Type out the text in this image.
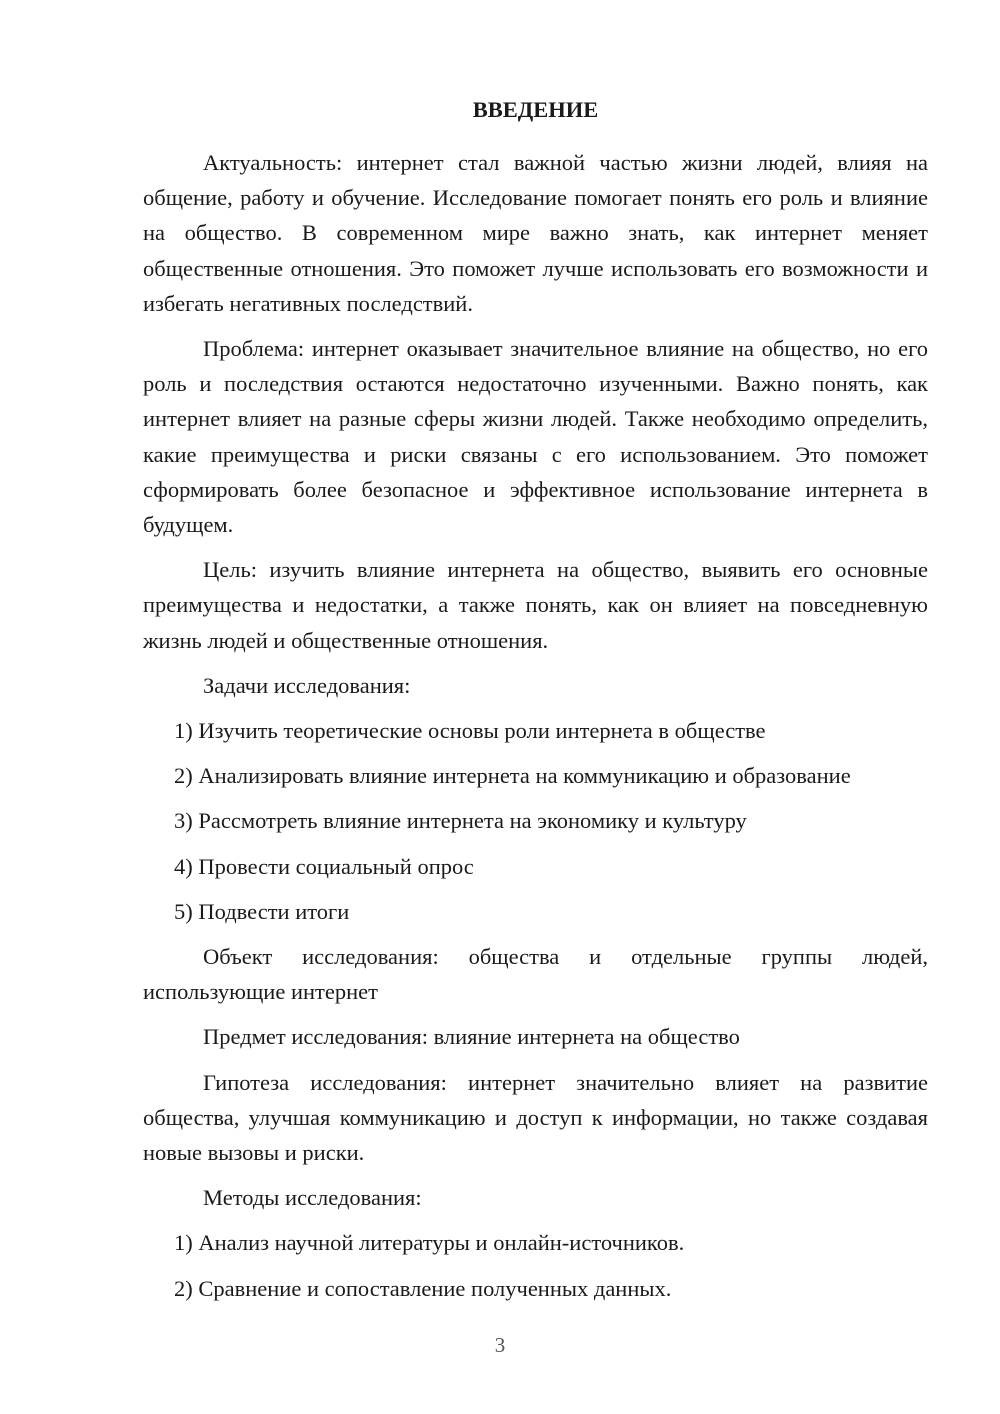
ВВЕДЕНИЕ

Актуальность: интернет стал важной частью жизни людей, влияя на общение, работу и обучение. Исследование помогает понять его роль и влияние на общество. В современном мире важно знать, как интернет меняет общественные отношения. Это поможет лучше использовать его возможности и избегать негативных последствий.

Проблема: интернет оказывает значительное влияние на общество, но его роль и последствия остаются недостаточно изученными. Важно понять, как интернет влияет на разные сферы жизни людей. Также необходимо определить, какие преимущества и риски связаны с его использованием. Это поможет сформировать более безопасное и эффективное использование интернета в будущем.

Цель: изучить влияние интернета на общество, выявить его основные преимущества и недостатки, а также понять, как он влияет на повседневную жизнь людей и общественные отношения.

Задачи исследования:
1) Изучить теоретические основы роли интернета в обществе
2) Анализировать влияние интернета на коммуникацию и образование
3) Рассмотреть влияние интернета на экономику и культуру
4) Провести социальный опрос
5) Подвести итоги

Объект исследования: общества и отдельные группы людей, использующие интернет

Предмет исследования: влияние интернета на общество

Гипотеза исследования: интернет значительно влияет на развитие общества, улучшая коммуникацию и доступ к информации, но также создавая новые вызовы и риски.

Методы исследования:
1) Анализ научной литературы и онлайн-источников.
2) Сравнение и сопоставление полученных данных.
3
